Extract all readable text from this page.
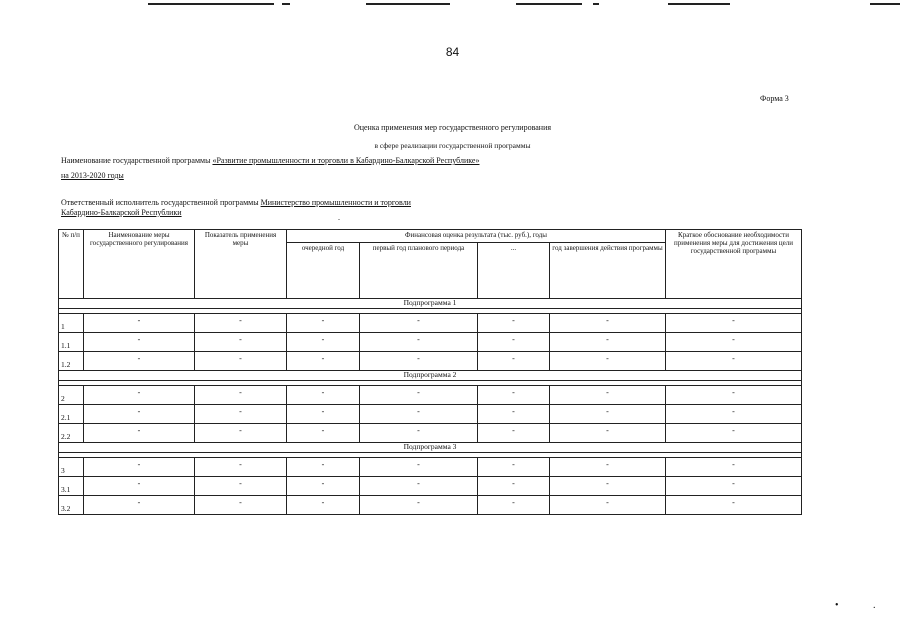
84
Форма 3
Оценка применения мер государственного регулирования
в сфере реализации государственной программы
Наименование государственной программы «Развитие промышленности и торговли в Кабардино-Балкарской Республике»
на 2013-2020 годы
Ответственный исполнитель государственной программы Министерство промышленности и торговли
Кабардино-Балкарской Республики
.
№ п/п	Наименование меры государственного регулирования	Показатель применения меры	Финансовая оценка результата (тыс. руб.), годы				Краткое обоснование необходимости применения меры для достижения цели государственной программы
			очередной год	первый год планового периода	...	год завершения действия программы	
Подпрограмма 1							

1	-	-	-	-	-	-	-
1.1	-	-	-	-	-	-	-
1.2	-	-	-	-	-	-	-
Подпрограмма 2							

2	-	-	-	-	-	-	-
2.1	-	-	-	-	-	-	-
2.2	-	-	-	-	-	-	-
Подпрограмма 3							

3	-	-	-	-	-	-	-
3.1	-	-	-	-	-	-	-
3.2	-	-	-	-	-	-	-
•	.
